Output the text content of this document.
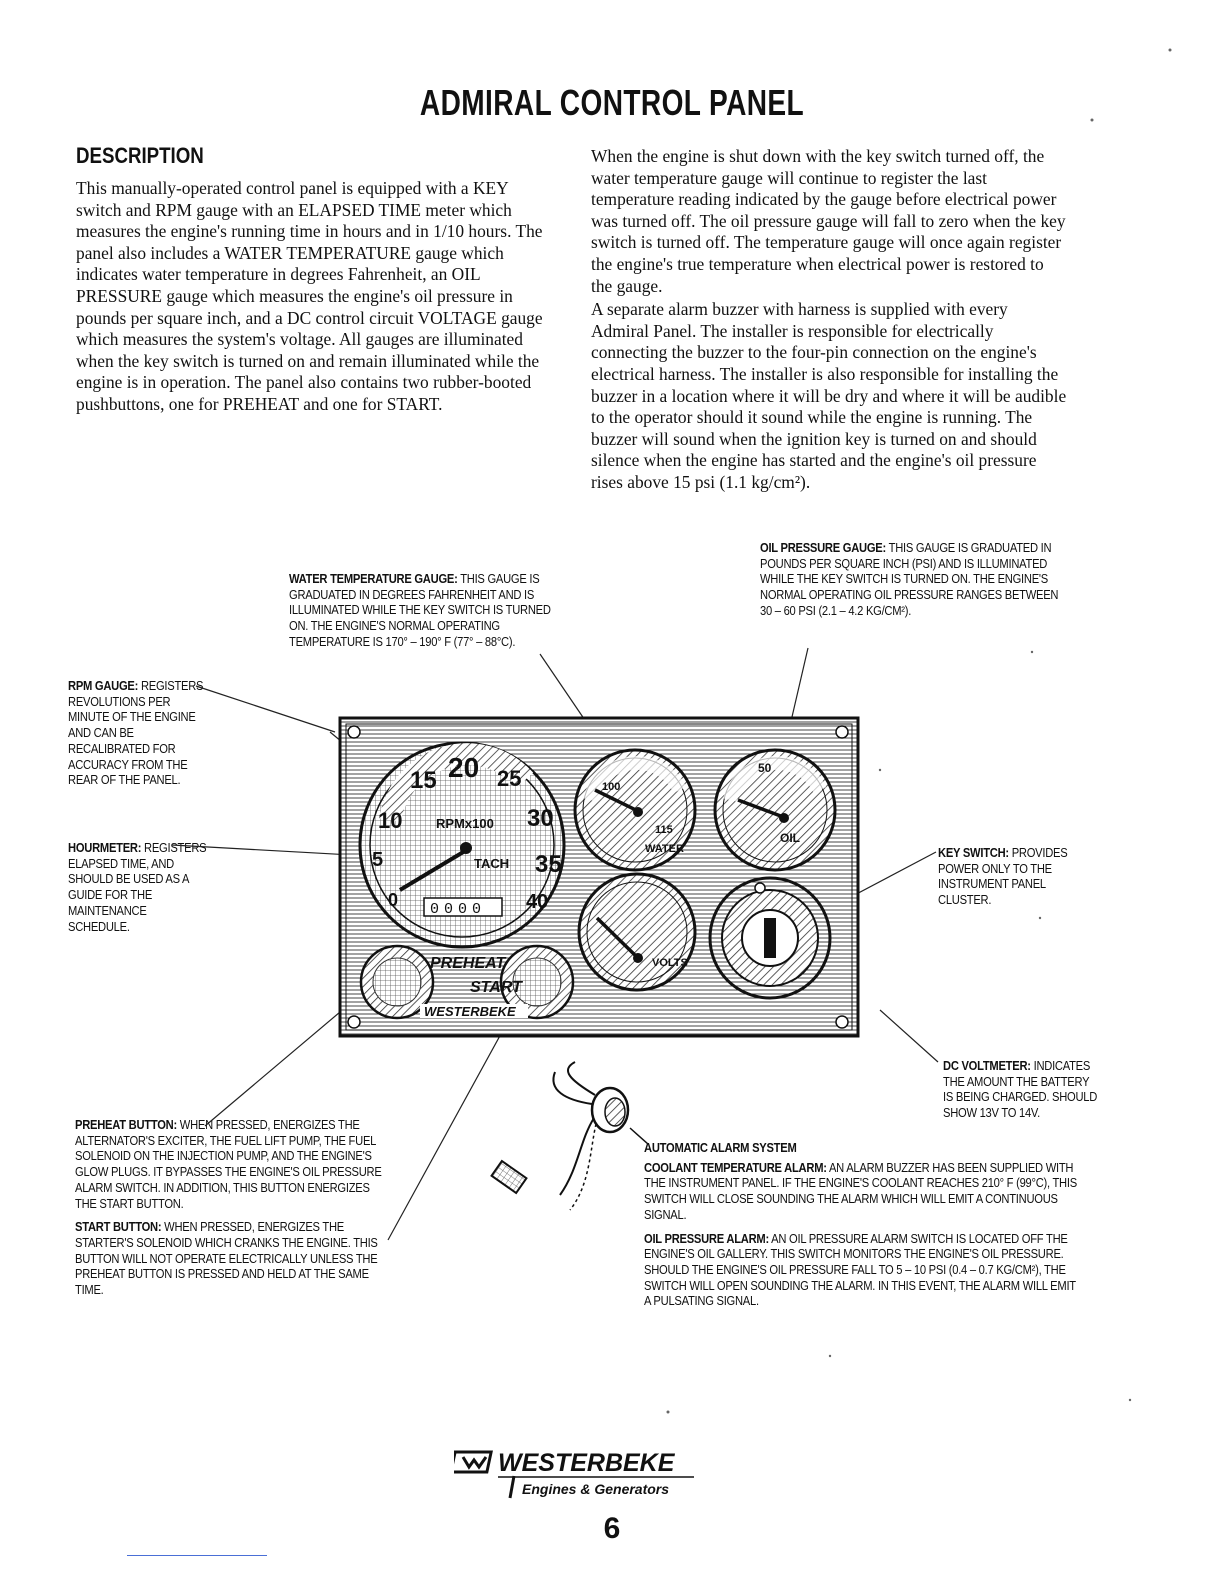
ADMIRAL CONTROL PANEL
DESCRIPTION

This manually-operated control panel is equipped with a KEY switch and RPM gauge with an ELAPSED TIME meter which measures the engine's running time in hours and in 1/10 hours. The panel also includes a WATER TEMPERATURE gauge which indicates water temperature in degrees Fahrenheit, an OIL PRESSURE gauge which measures the engine's oil pressure in pounds per square inch, and a DC control circuit VOLTAGE gauge which measures the system's voltage. All gauges are illuminated when the key switch is turned on and remain illuminated while the engine is in operation. The panel also contains two rubber-booted pushbuttons, one for PREHEAT and one for START.

When the engine is shut down with the key switch turned off, the water temperature gauge will continue to register the last temperature reading indicated by the gauge before electrical power was turned off. The oil pressure gauge will fall to zero when the key switch is turned off. The temperature gauge will once again register the engine's true temperature when electrical power is restored to the gauge.

A separate alarm buzzer with harness is supplied with every Admiral Panel. The installer is responsible for electrically connecting the buzzer to the four-pin connection on the engine's electrical harness. The installer is also responsible for installing the buzzer in a location where it will be dry and where it will be audible to the operator should it sound while the engine is running. The buzzer will sound when the ignition key is turned on and should silence when the engine has started and the engine's oil pressure rises above 15 psi (1.1 kg/cm²).

WATER TEMPERATURE GAUGE: THIS GAUGE IS GRADUATED IN DEGREES FAHRENHEIT AND IS ILLUMINATED WHILE THE KEY SWITCH IS TURNED ON. THE ENGINE'S NORMAL OPERATING TEMPERATURE IS 170° – 190° F (77° – 88°C).
OIL PRESSURE GAUGE: THIS GAUGE IS GRADUATED IN POUNDS PER SQUARE INCH (PSI) AND IS ILLUMINATED WHILE THE KEY SWITCH IS TURNED ON. THE ENGINE'S NORMAL OPERATING OIL PRESSURE RANGES BETWEEN 30 – 60 PSI (2.1 – 4.2 KG/CM²).
RPM GAUGE: REGISTERS REVOLUTIONS PER MINUTE OF THE ENGINE AND CAN BE RECALIBRATED FOR ACCURACY FROM THE REAR OF THE PANEL.
HOURMETER: REGISTERS ELAPSED TIME, AND SHOULD BE USED AS A GUIDE FOR THE MAINTENANCE SCHEDULE.
KEY SWITCH: PROVIDES POWER ONLY TO THE INSTRUMENT PANEL CLUSTER.
DC VOLTMETER: INDICATES THE AMOUNT THE BATTERY IS BEING CHARGED. SHOULD SHOW 13V TO 14V.

PREHEAT BUTTON: WHEN PRESSED, ENERGIZES THE ALTERNATOR'S EXCITER, THE FUEL LIFT PUMP, THE FUEL SOLENOID ON THE INJECTION PUMP, AND THE ENGINE'S GLOW PLUGS. IT BYPASSES THE ENGINE'S OIL PRESSURE ALARM SWITCH. IN ADDITION, THIS BUTTON ENERGIZES THE START BUTTON.

START BUTTON: WHEN PRESSED, ENERGIZES THE STARTER'S SOLENOID WHICH CRANKS THE ENGINE. THIS BUTTON WILL NOT OPERATE ELECTRICALLY UNLESS THE PREHEAT BUTTON IS PRESSED AND HELD AT THE SAME TIME.

AUTOMATIC ALARM SYSTEM

COOLANT TEMPERATURE ALARM: AN ALARM BUZZER HAS BEEN SUPPLIED WITH THE INSTRUMENT PANEL. IF THE ENGINE'S COOLANT REACHES 210° F (99°C), THIS SWITCH WILL CLOSE SOUNDING THE ALARM WHICH WILL EMIT A CONTINUOUS SIGNAL.

OIL PRESSURE ALARM: AN OIL PRESSURE ALARM SWITCH IS LOCATED OFF THE ENGINE'S OIL GALLERY. THIS SWITCH MONITORS THE ENGINE'S OIL PRESSURE. SHOULD THE ENGINE'S OIL PRESSURE FALL TO 5 – 10 PSI (0.4 – 0.7 KG/CM²), THE SWITCH WILL OPEN SOUNDING THE ALARM. IN THIS EVENT, THE ALARM WILL EMIT A PULSATING SIGNAL.

5
10
15 20 25
30
35
40
0
RPMx100
TACH
0000
100
115
WATER
50
OIL
VOLTS
PREHEAT
START
WESTERBEKE
WESTERBEKE
Engines & Generators
6
